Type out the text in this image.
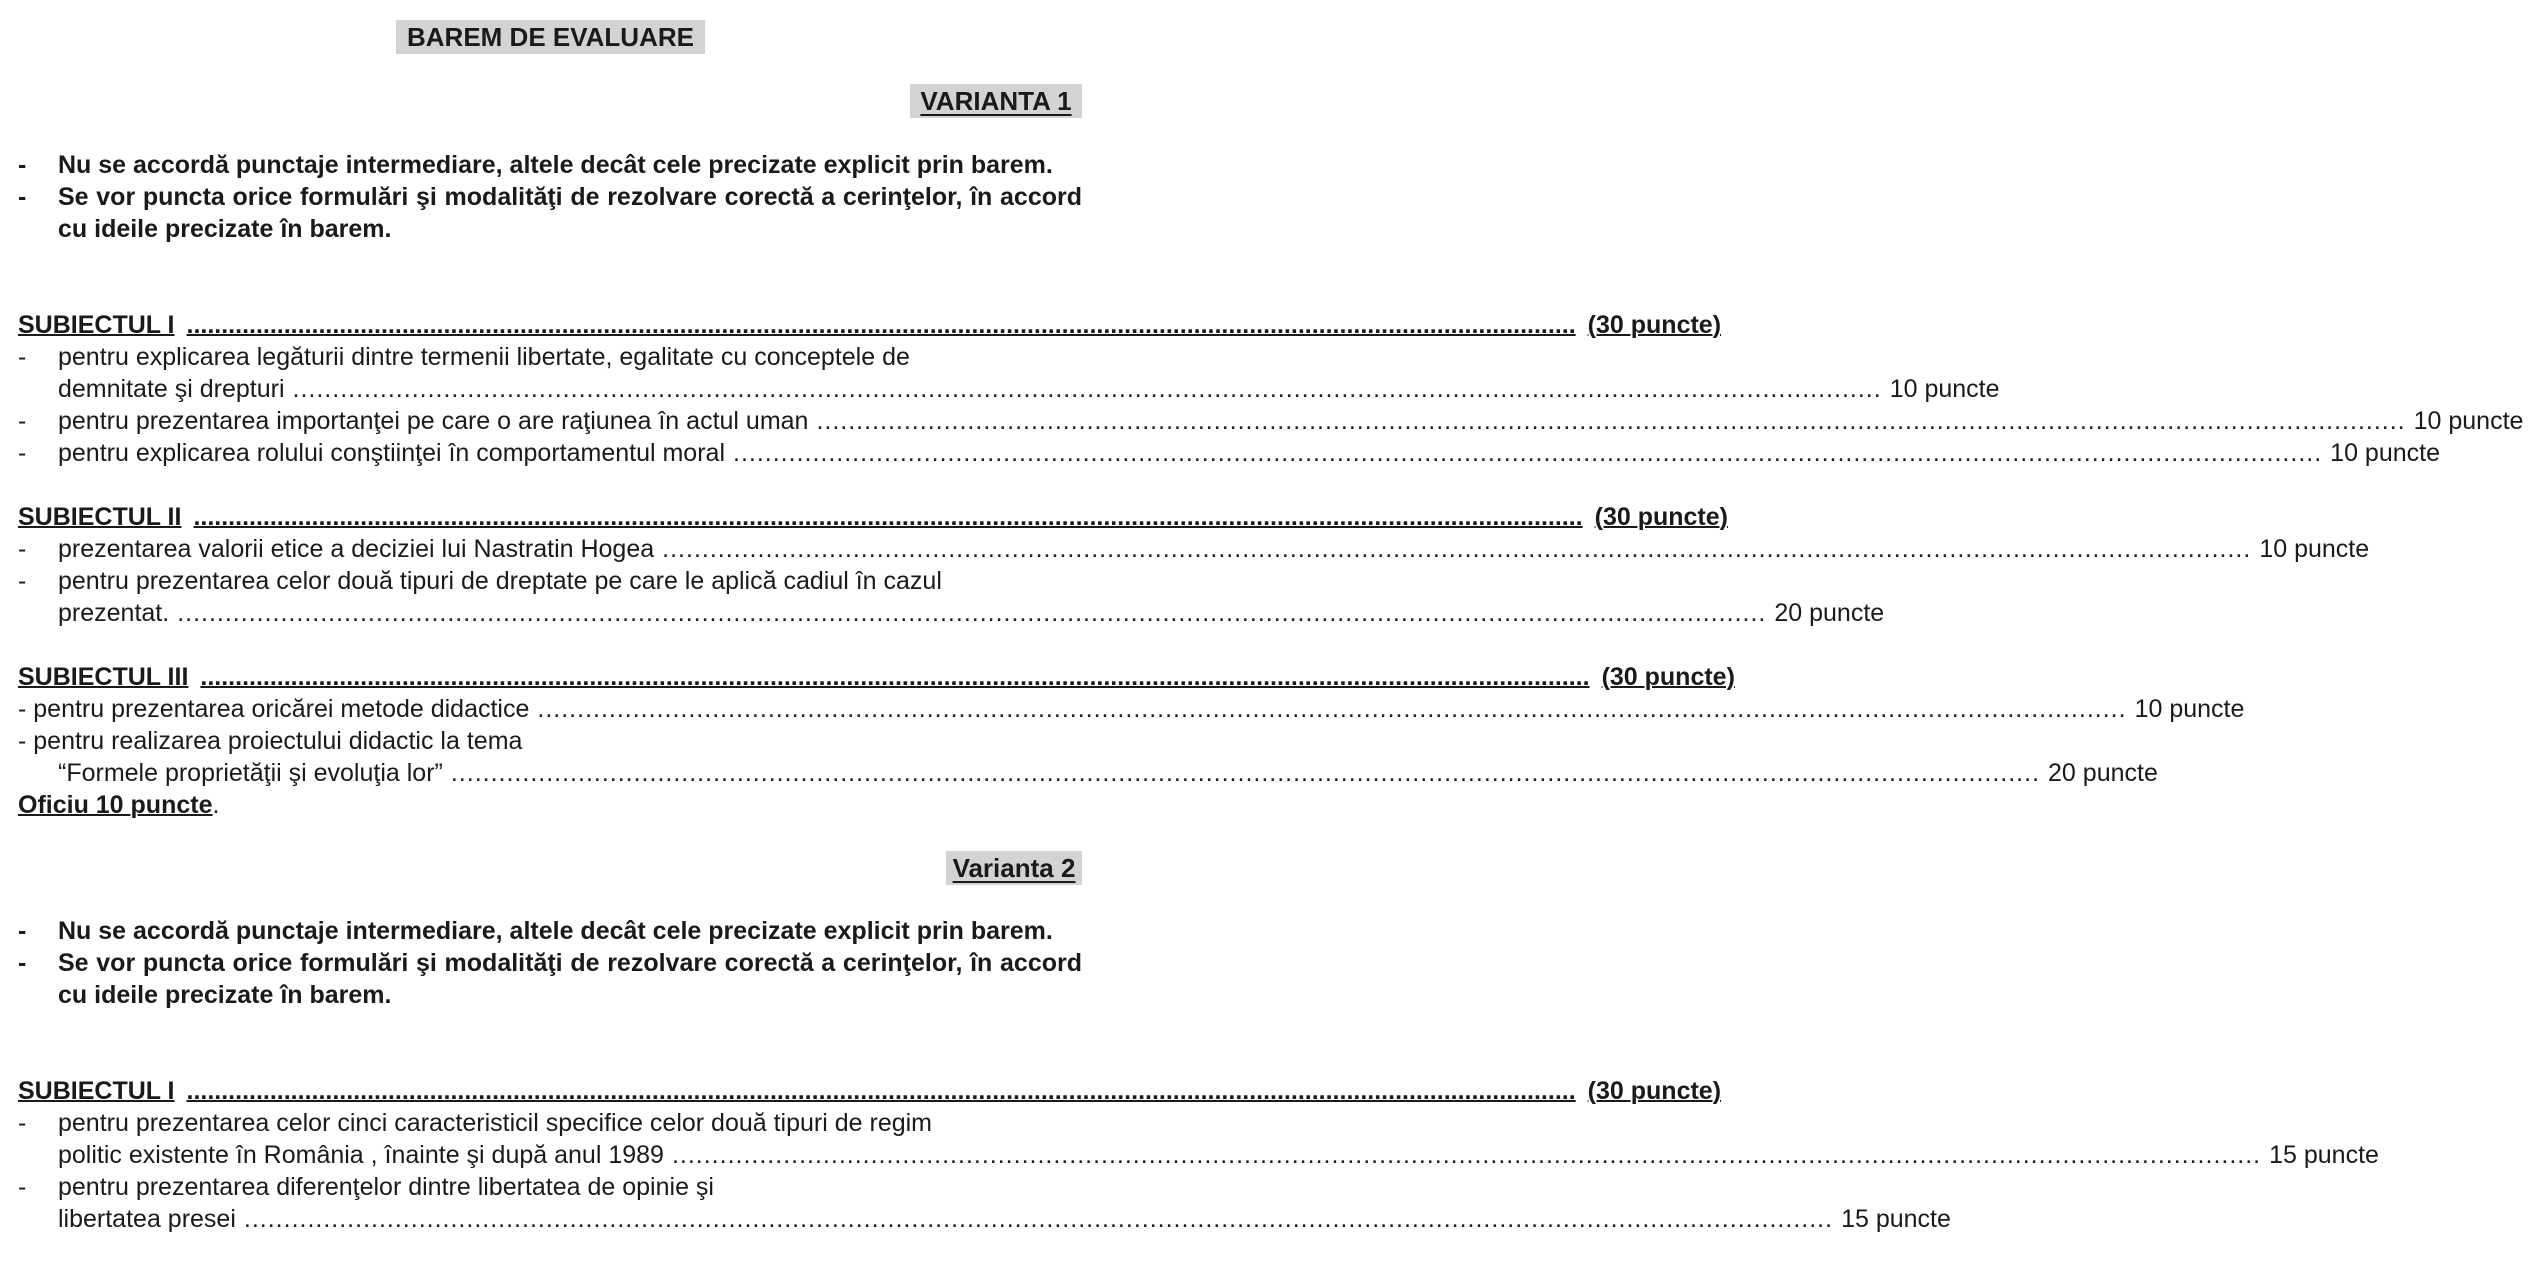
BAREM DE EVALUARE
VARIANTA 1
-	Nu se accordă punctaje intermediare, altele decât cele precizate explicit prin barem.
-	Se vor puncta orice formulări şi modalităţi de rezolvare corectă a cerinţelor, în accord cu ideile precizate în barem.
SUBIECTUL I .....	(30 puncte)
-	pentru explicarea legăturii dintre termenii libertate, egalitate cu conceptele de
demnitate şi drepturi .....	10 puncte
-	pentru prezentarea importanţei pe care o are raţiunea în actul uman .....	10 puncte
-	pentru explicarea rolului conştiinţei în comportamentul moral .....	10 puncte
SUBIECTUL II .....	(30 puncte)
-	prezentarea valorii etice a deciziei lui Nastratin Hogea .....	10 puncte
-	pentru prezentarea celor două tipuri de dreptate pe care le aplică cadiul în cazul
prezentat. .....	20 puncte
SUBIECTUL III .....	(30 puncte)
- pentru prezentarea oricărei metode didactice .....	10 puncte
- pentru realizarea proiectului didactic la tema
“Formele proprietăţii şi evoluţia lor” .....	20 puncte
Oficiu 10 puncte.
Varianta 2
-	Nu se accordă punctaje intermediare, altele decât cele precizate explicit prin barem.
-	Se vor puncta orice formulări şi modalităţi de rezolvare corectă a cerinţelor, în accord cu ideile precizate în barem.
SUBIECTUL I .....	(30 puncte)
-	pentru prezentarea celor cinci caracteristicil specifice celor două tipuri de regim
politic existente în România , înainte şi după anul 1989 .....	15 puncte
-	pentru prezentarea diferenţelor dintre libertatea de opinie şi
libertatea presei .....	15 puncte
